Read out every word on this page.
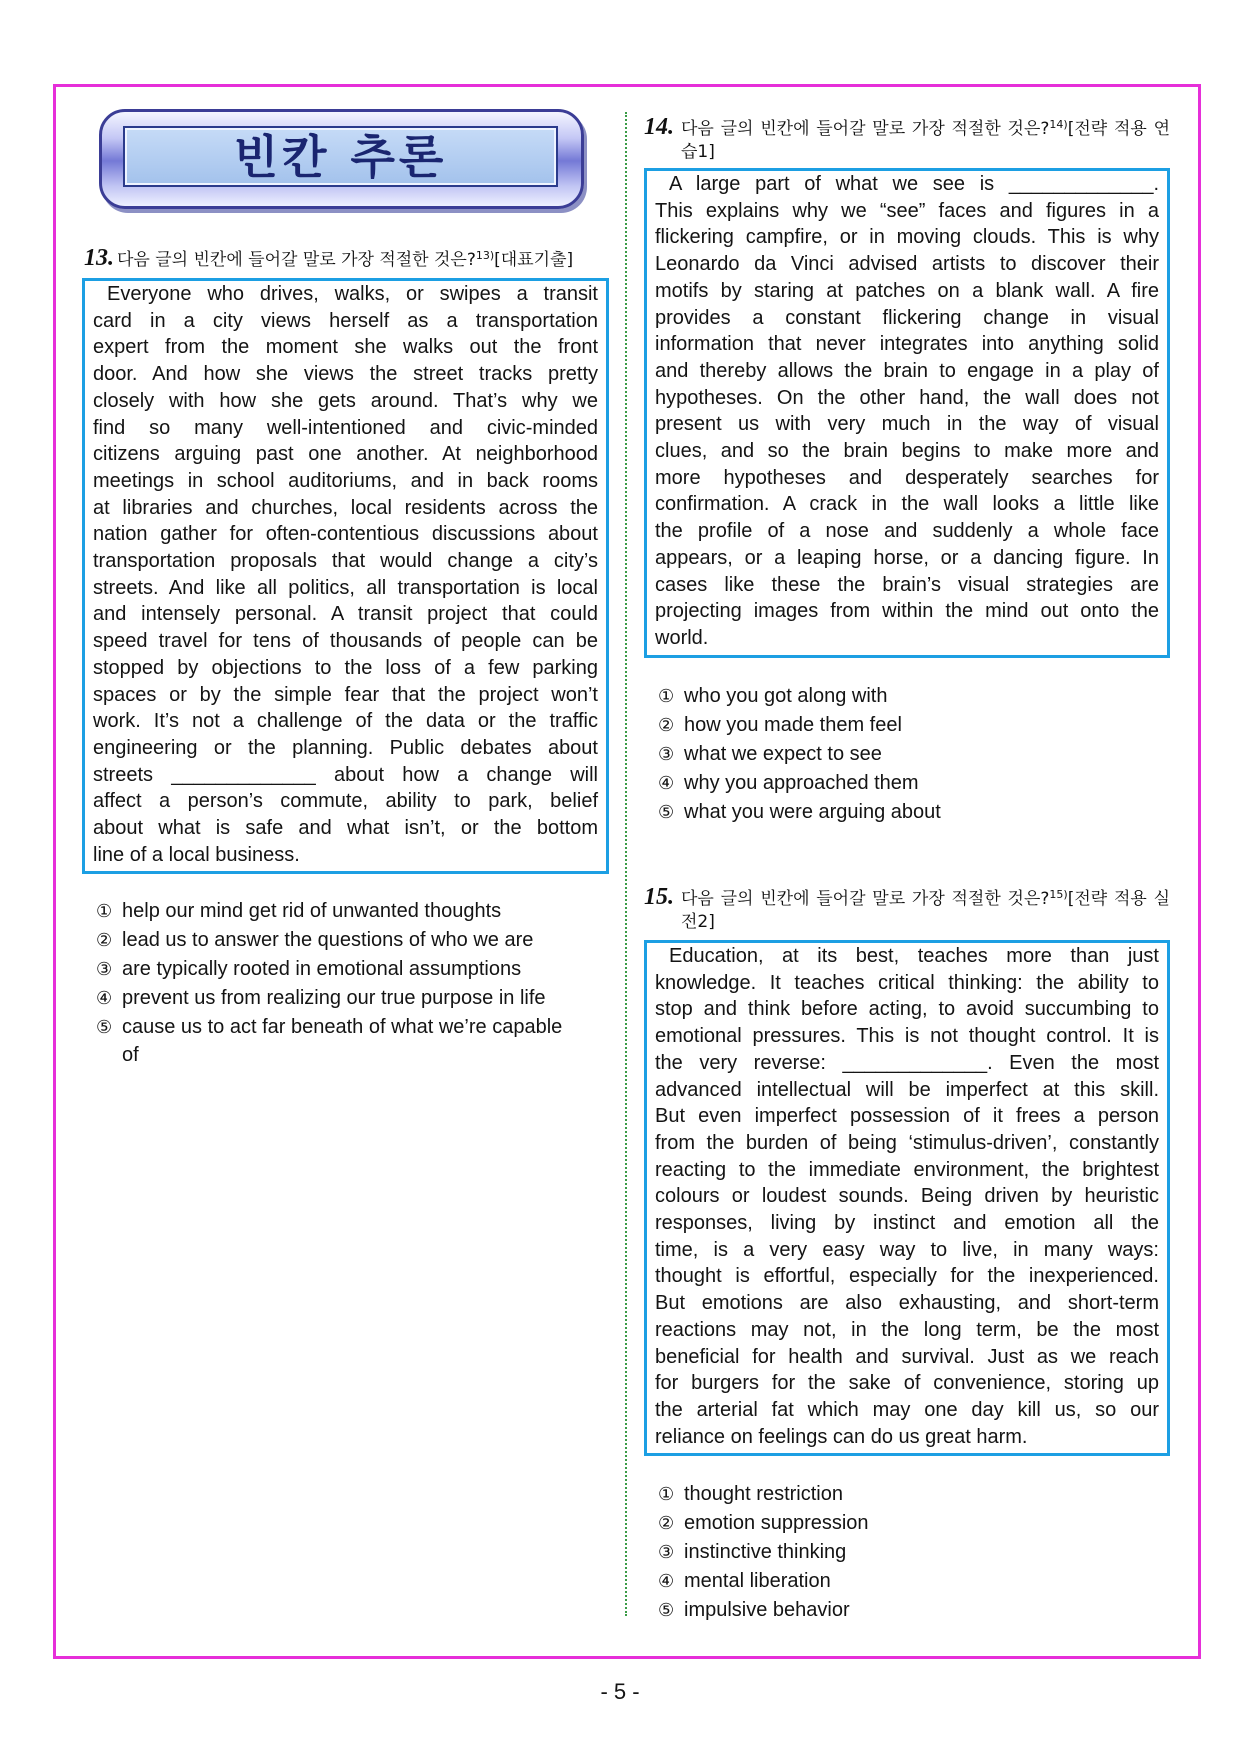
빈칸 추론
13. 다음 글의 빈칸에 들어갈 말로 가장 적절한 것은?$^{13)}$[대표기출]
Everyone who drives, walks, or swipes a transit
card in a city views herself as a transportation
expert from the moment she walks out the front
door. And how she views the street tracks pretty
closely with how she gets around. That’s why we
find so many well-intentioned and civic-minded
citizens arguing past one another. At neighborhood
meetings in school auditoriums, and in back rooms
at libraries and churches, local residents across the
nation gather for often-contentious discussions about
transportation proposals that would change a city’s
streets. And like all politics, all transportation is local
and intensely personal. A transit project that could
speed travel for tens of thousands of people can be
stopped by objections to the loss of a few parking
spaces or by the simple fear that the project won’t
work. It’s not a challenge of the data or the traffic
engineering or the planning. Public debates about
streets _____________ about how a change will
affect a person’s commute, ability to park, belief
about what is safe and what isn’t, or the bottom
line of a local business.
① help our mind get rid of unwanted thoughts
② lead us to answer the questions of who we are
③ are typically rooted in emotional assumptions
④ prevent us from realizing our true purpose in life
⑤ cause us to act far beneath of what we’re capable of
14. 다음 글의 빈칸에 들어갈 말로 가장 적절한 것은?$^{14)}$[전략 적용 연습1]
A large part of what we see is _____________.
This explains why we “see” faces and figures in a
flickering campfire, or in moving clouds. This is why
Leonardo da Vinci advised artists to discover their
motifs by staring at patches on a blank wall. A fire
provides a constant flickering change in visual
information that never integrates into anything solid
and thereby allows the brain to engage in a play of
hypotheses. On the other hand, the wall does not
present us with very much in the way of visual
clues, and so the brain begins to make more and
more hypotheses and desperately searches for
confirmation. A crack in the wall looks a little like
the profile of a nose and suddenly a whole face
appears, or a leaping horse, or a dancing figure. In
cases like these the brain’s visual strategies are
projecting images from within the mind out onto the
world.
① who you got along with
② how you made them feel
③ what we expect to see
④ why you approached them
⑤ what you were arguing about
15. 다음 글의 빈칸에 들어갈 말로 가장 적절한 것은?$^{15)}$[전략 적용 실전2]
Education, at its best, teaches more than just
knowledge. It teaches critical thinking: the ability to
stop and think before acting, to avoid succumbing to
emotional pressures. This is not thought control. It is
the very reverse: _____________. Even the most
advanced intellectual will be imperfect at this skill.
But even imperfect possession of it frees a person
from the burden of being ‘stimulus-driven’, constantly
reacting to the immediate environment, the brightest
colours or loudest sounds. Being driven by heuristic
responses, living by instinct and emotion all the
time, is a very easy way to live, in many ways:
thought is effortful, especially for the inexperienced.
But emotions are also exhausting, and short-term
reactions may not, in the long term, be the most
beneficial for health and survival. Just as we reach
for burgers for the sake of convenience, storing up
the arterial fat which may one day kill us, so our
reliance on feelings can do us great harm.
① thought restriction
② emotion suppression
③ instinctive thinking
④ mental liberation
⑤ impulsive behavior
- 5 -
